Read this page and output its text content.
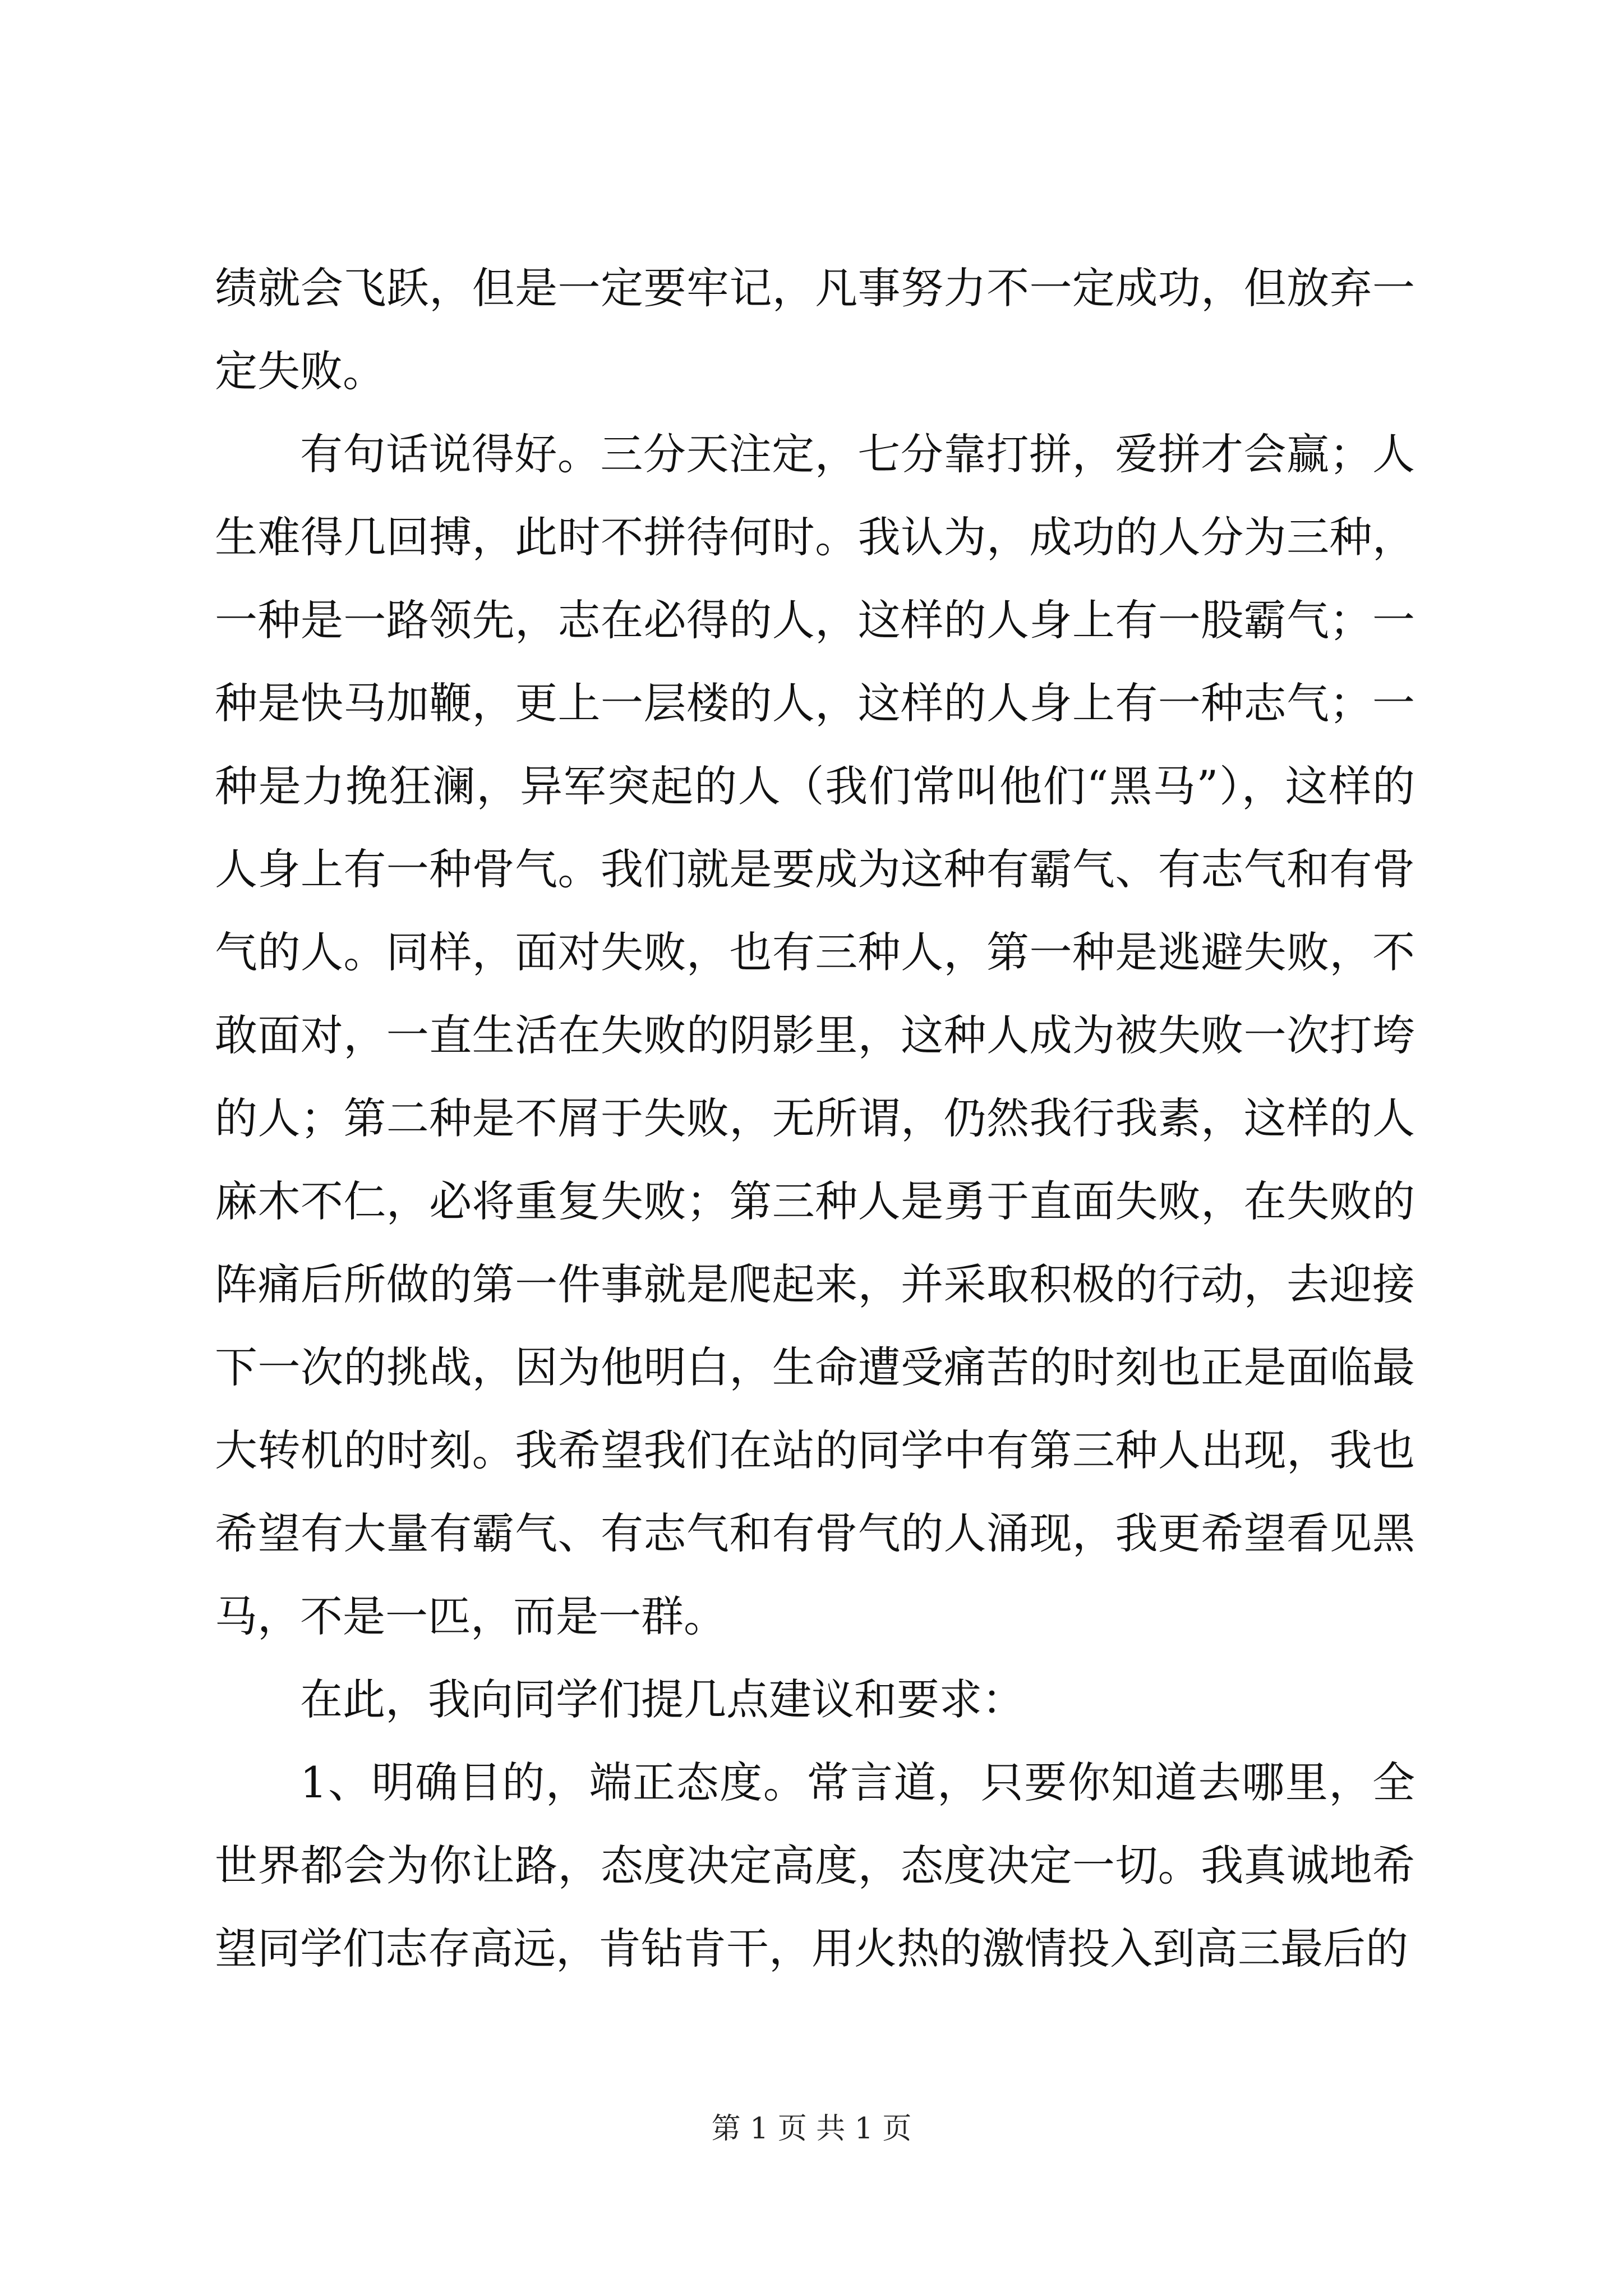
绩就会飞跃，但是一定要牢记，凡事努力不一定成功，但放弃一定失败。

有句话说得好。三分天注定，七分靠打拼，爱拼才会赢；人生难得几回搏，此时不拼待何时。我认为，成功的人分为三种，一种是一路领先，志在必得的人，这样的人身上有一股霸气；一种是快马加鞭，更上一层楼的人，这样的人身上有一种志气；一种是力挽狂澜，异军突起的人（我们常叫他们“黑马”），这样的人身上有一种骨气。我们就是要成为这种有霸气、有志气和有骨气的人。同样，面对失败，也有三种人，第一种是逃避失败，不敢面对，一直生活在失败的阴影里，这种人成为被失败一次打垮的人；第二种是不屑于失败，无所谓，仍然我行我素，这样的人麻木不仁，必将重复失败；第三种人是勇于直面失败，在失败的阵痛后所做的第一件事就是爬起来，并采取积极的行动，去迎接下一次的挑战，因为他明白，生命遭受痛苦的时刻也正是面临最大转机的时刻。我希望我们在站的同学中有第三种人出现，我也希望有大量有霸气、有志气和有骨气的人涌现，我更希望看见黑马，不是一匹，而是一群。

在此，我向同学们提几点建议和要求：

1、明确目的，端正态度。常言道，只要你知道去哪里，全世界都会为你让路，态度决定高度，态度决定一切。我真诚地希望同学们志存高远，肯钻肯干，用火热的激情投入到高三最后的

第 1 页 共 1 页
